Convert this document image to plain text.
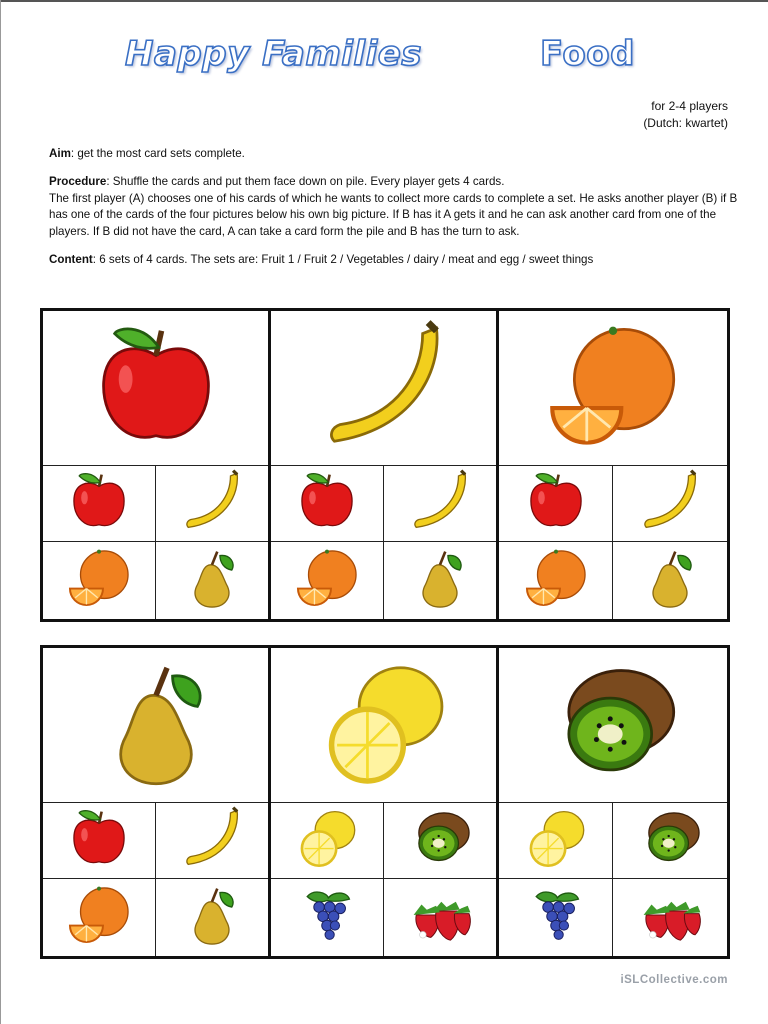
Happy Families	Food
for 2-4 players
(Dutch: kwartet)

Aim: get the most card sets complete.

Procedure: Shuffle the cards and put them face down on pile. Every player gets 4 cards.
The first player (A) chooses one of his cards of which he wants to collect more cards to complete a set. He asks another player (B) if B has one of the cards of the four pictures below his own big picture. If B has it A gets it and he can ask another card from one of the players. If B did not have the card, A can take a card form the pile and B has the turn to ask.

Content: 6 sets of 4 cards. The sets are: Fruit 1 / Fruit 2 / Vegetables / dairy / meat and egg / sweet things

iSLCollective.com
